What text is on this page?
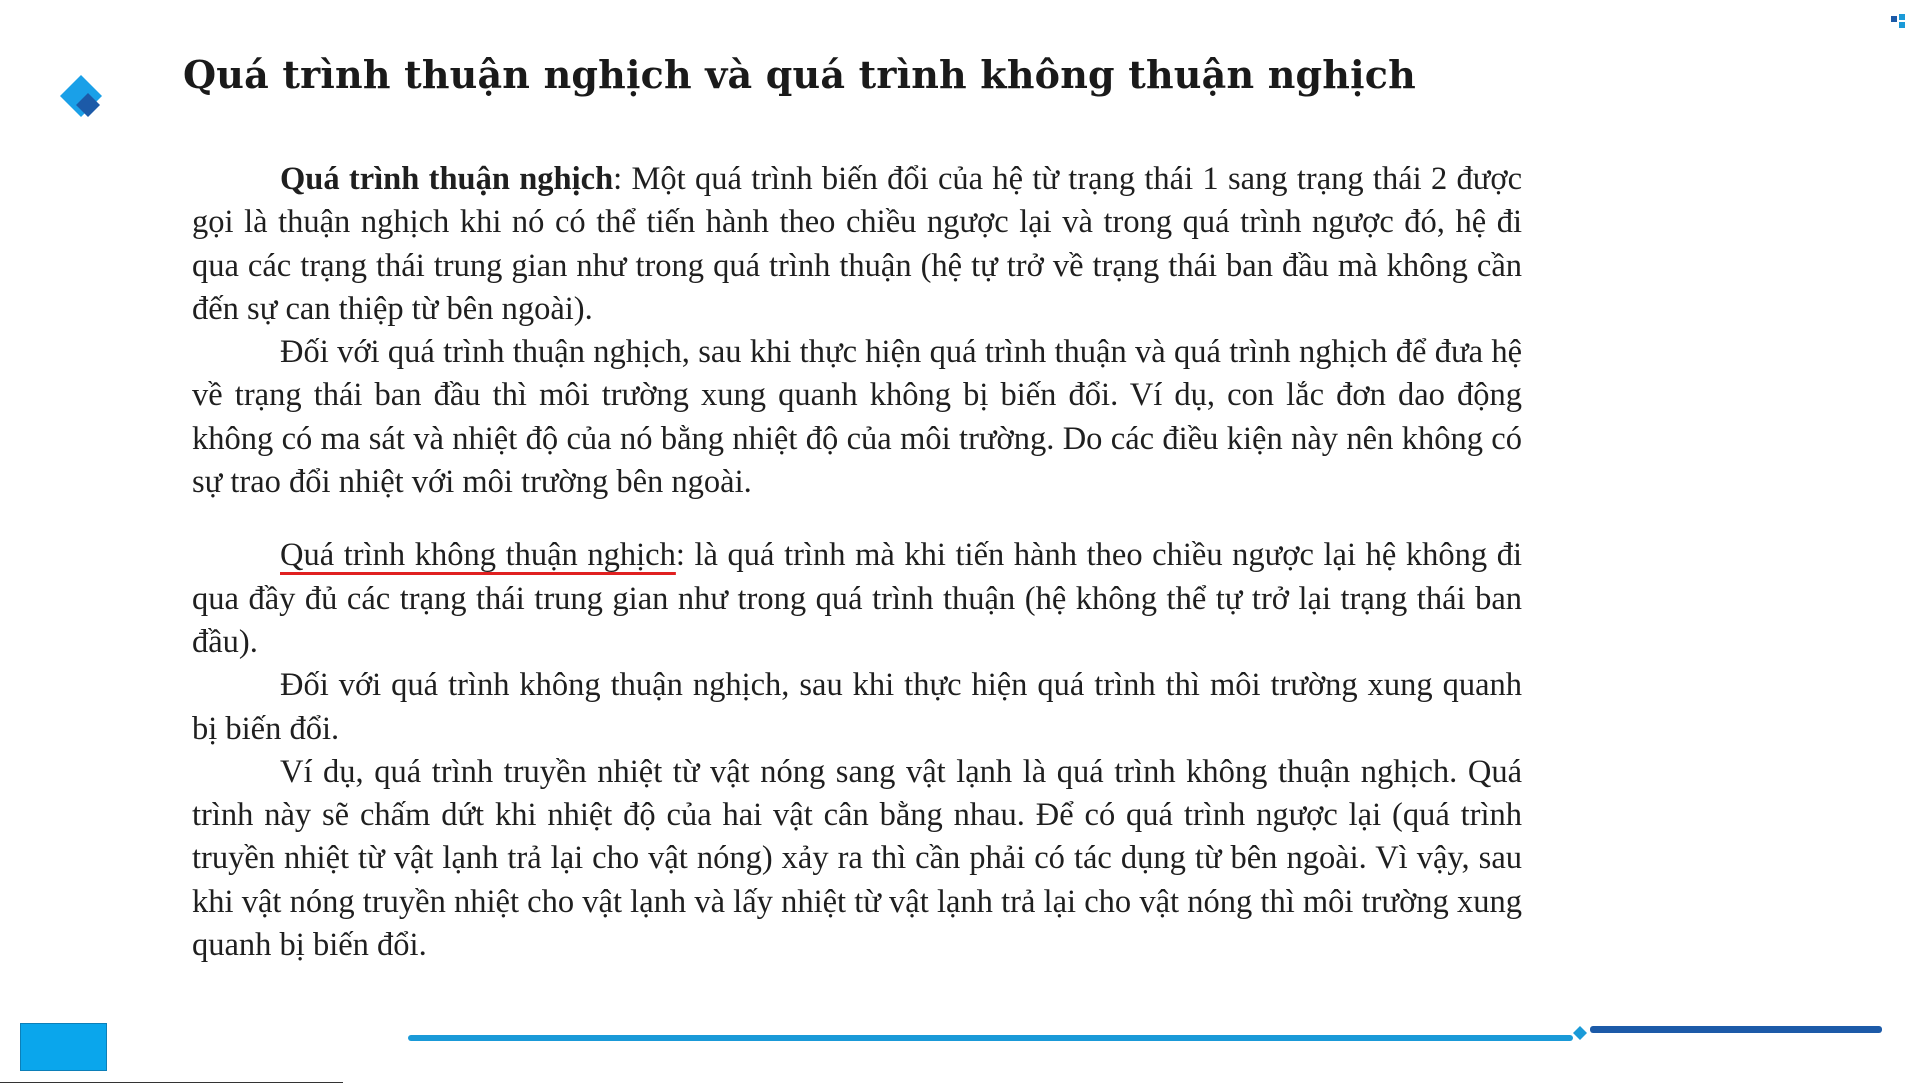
Quá trình thuận nghịch và quá trình không thuận nghịch

Quá trình thuận nghịch: Một quá trình biến đổi của hệ từ trạng thái 1 sang trạng thái 2 được gọi là thuận nghịch khi nó có thể tiến hành theo chiều ngược lại và trong quá trình ngược đó, hệ đi qua các trạng thái trung gian như trong quá trình thuận (hệ tự trở về trạng thái ban đầu mà không cần đến sự can thiệp từ bên ngoài).

Đối với quá trình thuận nghịch, sau khi thực hiện quá trình thuận và quá trình nghịch để đưa hệ về trạng thái ban đầu thì môi trường xung quanh không bị biến đổi. Ví dụ, con lắc đơn dao động không có ma sát và nhiệt độ của nó bằng nhiệt độ của môi trường. Do các điều kiện này nên không có sự trao đổi nhiệt với môi trường bên ngoài.

Quá trình không thuận nghịch: là quá trình mà khi tiến hành theo chiều ngược lại hệ không đi qua đầy đủ các trạng thái trung gian như trong quá trình thuận (hệ không thể tự trở lại trạng thái ban đầu).

Đối với quá trình không thuận nghịch, sau khi thực hiện quá trình thì môi trường xung quanh bị biến đổi.

Ví dụ, quá trình truyền nhiệt từ vật nóng sang vật lạnh là quá trình không thuận nghịch. Quá trình này sẽ chấm dứt khi nhiệt độ của hai vật cân bằng nhau. Để có quá trình ngược lại (quá trình truyền nhiệt từ vật lạnh trả lại cho vật nóng) xảy ra thì cần phải có tác dụng từ bên ngoài. Vì vậy, sau khi vật nóng truyền nhiệt cho vật lạnh và lấy nhiệt từ vật lạnh trả lại cho vật nóng thì môi trường xung quanh bị biến đổi.
